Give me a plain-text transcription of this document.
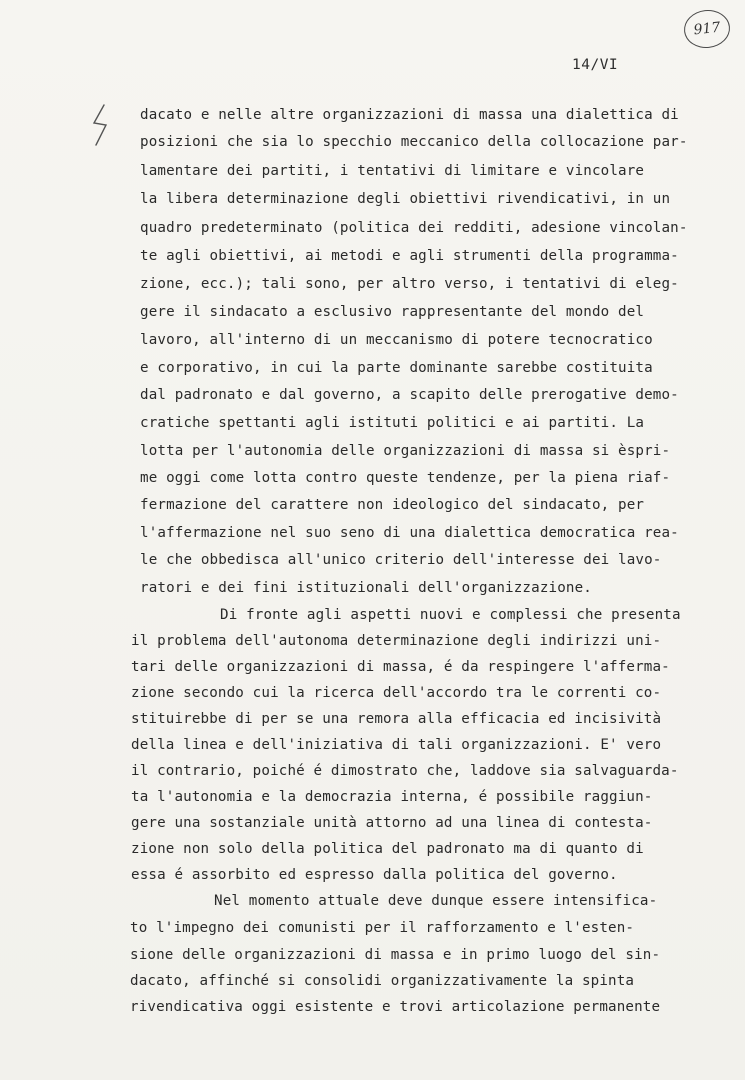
917
14/VI
dacato e nelle altre organizzazioni di massa una dialettica di
posizioni che sia lo specchio meccanico della collocazione par-
lamentare dei partiti, i tentativi di limitare e vincolare
la libera determinazione degli obiettivi rivendicativi, in un
quadro predeterminato (politica dei redditi, adesione vincolan-
te agli obiettivi, ai metodi e agli strumenti della programma-
zione, ecc.); tali sono, per altro verso, i tentativi di eleg-
gere il sindacato a esclusivo rappresentante del mondo del
lavoro, all'interno di un meccanismo di potere tecnocratico
e corporativo, in cui la parte dominante sarebbe costituita
dal padronato e dal governo, a scapito delle prerogative demo-
cratiche spettanti agli istituti politici e ai partiti. La
lotta per l'autonomia delle organizzazioni di massa si èspri-
me oggi come lotta contro queste tendenze, per la piena riaf-
fermazione del carattere non ideologico del sindacato, per
l'affermazione nel suo seno di una dialettica democratica rea-
le che obbedisca all'unico criterio dell'interesse dei lavo-
ratori e dei fini istituzionali dell'organizzazione.
Di fronte agli aspetti nuovi e complessi che presenta
il problema dell'autonoma determinazione degli indirizzi uni-
tari delle organizzazioni di massa, é da respingere l'afferma-
zione secondo cui la ricerca dell'accordo tra le correnti co-
stituirebbe di per se una remora alla efficacia ed incisività
della linea e dell'iniziativa di tali organizzazioni. E' vero
il contrario, poiché é dimostrato che, laddove sia salvaguarda-
ta l'autonomia e la democrazia interna, é possibile raggiun-
gere una sostanziale unità attorno ad una linea di contesta-
zione non solo della politica del padronato ma di quanto di
essa é assorbito ed espresso dalla politica del governo.
Nel momento attuale deve dunque essere intensifica-
to l'impegno dei comunisti per il rafforzamento e l'esten-
sione delle organizzazioni di massa e in primo luogo del sin-
dacato, affinché si consolidi organizzativamente la spinta
rivendicativa oggi esistente e trovi articolazione permanente
